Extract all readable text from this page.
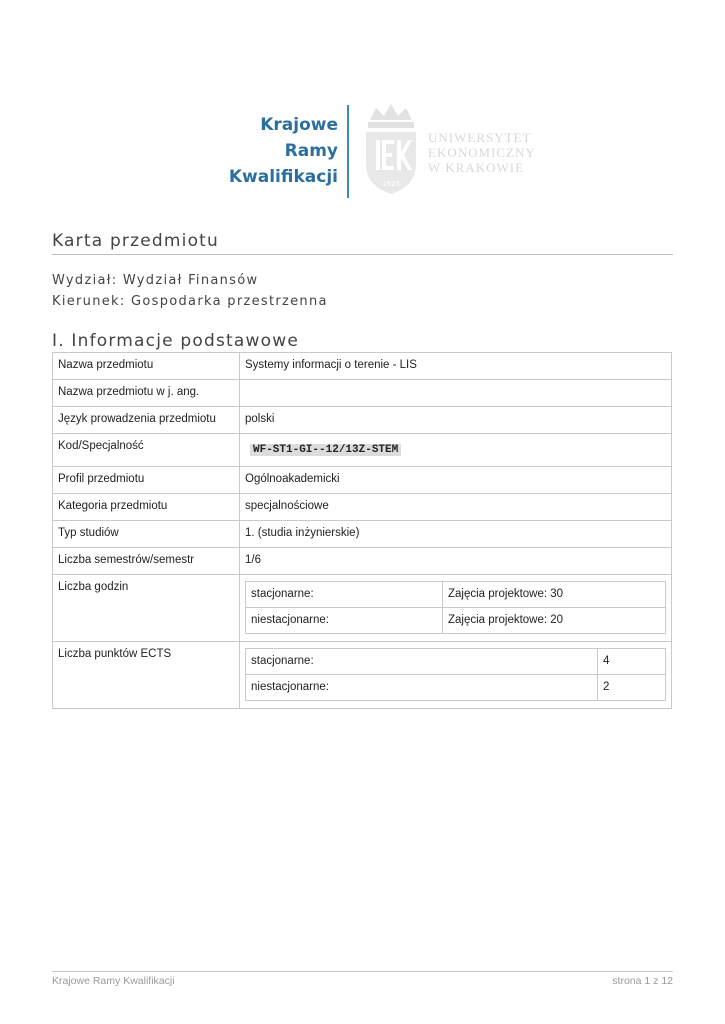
Krajowe
Ramy
Kwalifikacji	1925
UNIWERSYTET
EKONOMICZNY
W KRAKOWIE
Karta przedmiotu
Wydział: Wydział Finansów
Kierunek: Gospodarka przestrzenna
I. Informacje podstawowe
Nazwa przedmiotu	Systemy informacji o terenie - LIS
Nazwa przedmiotu w j. ang.	
Język prowadzenia przedmiotu	polski
Kod/Specjalność	WF-ST1-GI--12/13Z-STEM
Profil przedmiotu	Ogólnoakademicki
Kategoria przedmiotu	specjalnościowe
Typ studiów	1. (studia inżynierskie)
Liczba semestrów/semestr	1/6
Liczba godzin	
stacjonarne:	Zajęcia projektowe: 30
niestacjonarne:	Zajęcia projektowe: 20

Liczba punktów ECTS	
stacjonarne:	4
niestacjonarne:	2
Krajowe Ramy Kwalifikacji	strona 1 z 12
